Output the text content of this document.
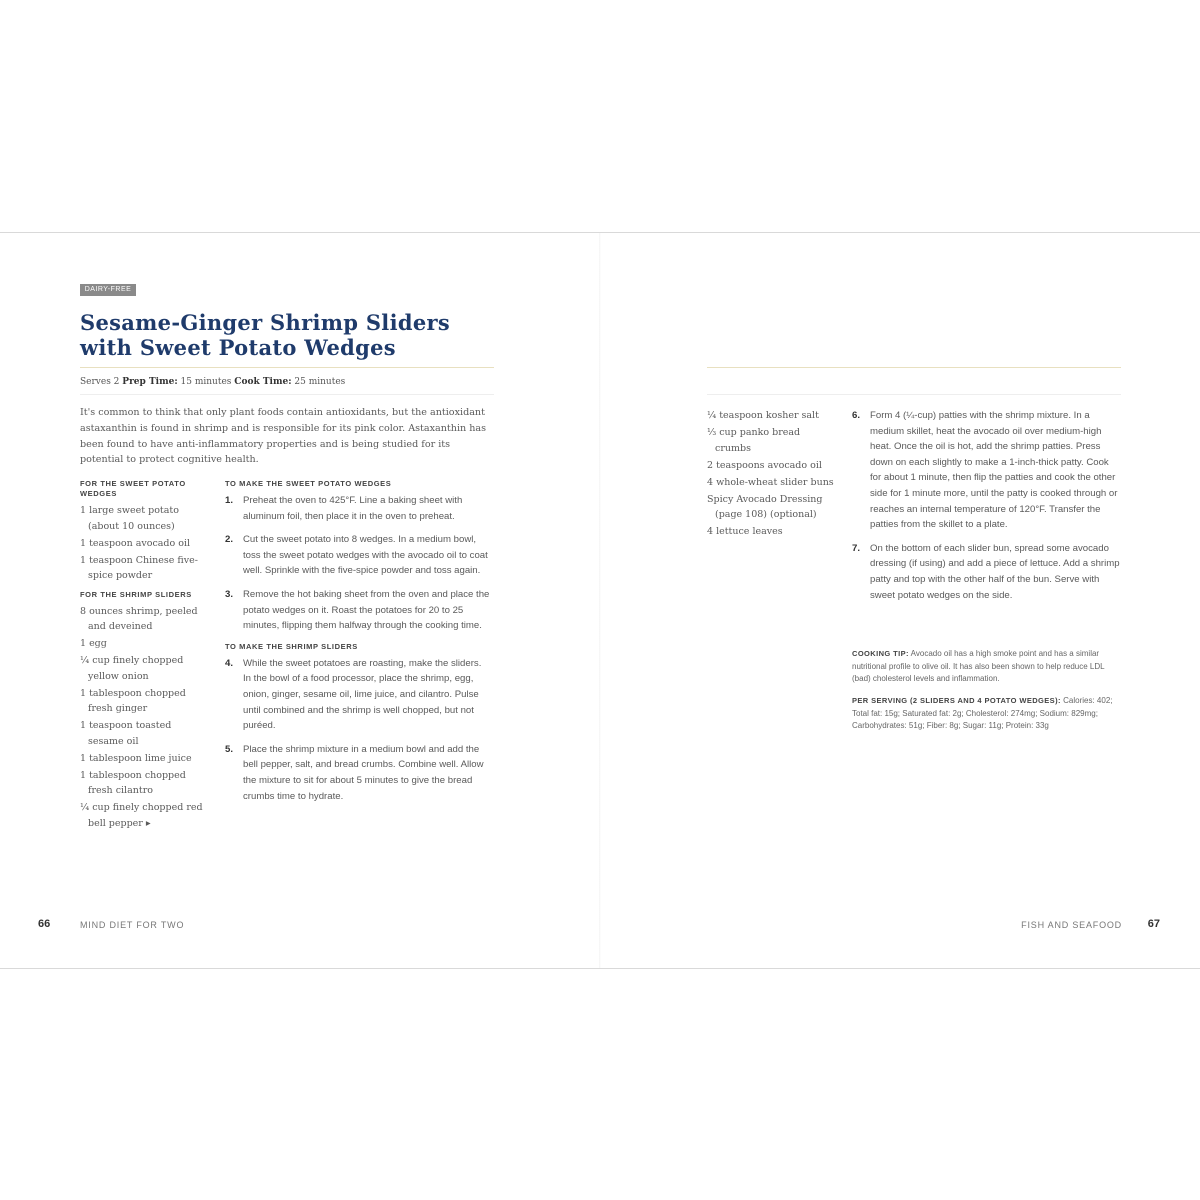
DAIRY-FREE
Sesame-Ginger Shrimp Sliders with Sweet Potato Wedges
Serves 2 Prep Time: 15 minutes Cook Time: 25 minutes
It's common to think that only plant foods contain antioxidants, but the antioxidant astaxanthin is found in shrimp and is responsible for its pink color. Astaxanthin has been found to have anti-inflammatory properties and is being studied for its potential to protect cognitive health.
FOR THE SWEET POTATO WEDGES
1 large sweet potato (about 10 ounces)
1 teaspoon avocado oil
1 teaspoon Chinese five-spice powder
FOR THE SHRIMP SLIDERS
8 ounces shrimp, peeled and deveined
1 egg
¼ cup finely chopped yellow onion
1 tablespoon chopped fresh ginger
1 teaspoon toasted sesame oil
1 tablespoon lime juice
1 tablespoon chopped fresh cilantro
¼ cup finely chopped red bell pepper ▸
TO MAKE THE SWEET POTATO WEDGES
1. Preheat the oven to 425°F. Line a baking sheet with aluminum foil, then place it in the oven to preheat.
2. Cut the sweet potato into 8 wedges. In a medium bowl, toss the sweet potato wedges with the avocado oil to coat well. Sprinkle with the five-spice powder and toss again.
3. Remove the hot baking sheet from the oven and place the potato wedges on it. Roast the potatoes for 20 to 25 minutes, flipping them halfway through the cooking time.
TO MAKE THE SHRIMP SLIDERS
4. While the sweet potatoes are roasting, make the sliders. In the bowl of a food processor, place the shrimp, egg, onion, ginger, sesame oil, lime juice, and cilantro. Pulse until combined and the shrimp is well chopped, but not puréed.
5. Place the shrimp mixture in a medium bowl and add the bell pepper, salt, and bread crumbs. Combine well. Allow the mixture to sit for about 5 minutes to give the bread crumbs time to hydrate.
66	MIND DIET FOR TWO
¼ teaspoon kosher salt
⅓ cup panko bread crumbs
2 teaspoons avocado oil
4 whole-wheat slider buns
Spicy Avocado Dressing (page 108) (optional)
4 lettuce leaves
6. Form 4 (¼-cup) patties with the shrimp mixture. In a medium skillet, heat the avocado oil over medium-high heat. Once the oil is hot, add the shrimp patties. Press down on each slightly to make a 1-inch-thick patty. Cook for about 1 minute, then flip the patties and cook the other side for 1 minute more, until the patty is cooked through or reaches an internal temperature of 120°F. Transfer the patties from the skillet to a plate.
7. On the bottom of each slider bun, spread some avocado dressing (if using) and add a piece of lettuce. Add a shrimp patty and top with the other half of the bun. Serve with sweet potato wedges on the side.
COOKING TIP: Avocado oil has a high smoke point and has a similar nutritional profile to olive oil. It has also been shown to help reduce LDL (bad) cholesterol levels and inflammation.
PER SERVING (2 SLIDERS AND 4 POTATO WEDGES): Calories: 402; Total fat: 15g; Saturated fat: 2g; Cholesterol: 274mg; Sodium: 829mg; Carbohydrates: 51g; Fiber: 8g; Sugar: 11g; Protein: 33g
FISH AND SEAFOOD 67
